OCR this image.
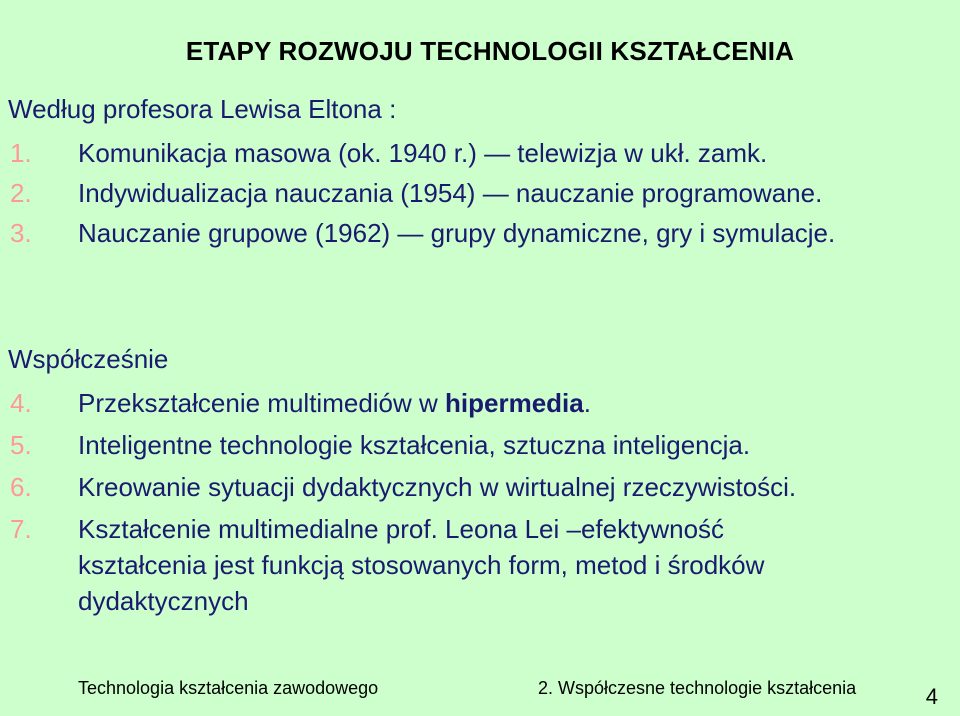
ETAPY ROZWOJU TECHNOLOGII KSZTAŁCENIA
Według profesora Lewisa Eltona :
1. Komunikacja masowa (ok. 1940 r.) — telewizja w ukł. zamk.
2. Indywidualizacja nauczania (1954) — nauczanie programowane.
3. Nauczanie grupowe (1962) — grupy dynamiczne, gry i symulacje.
Współcześnie
4. Przekształcenie multimediów w hipermedia.
5. Inteligentne technologie kształcenia, sztuczna inteligencja.
6. Kreowanie sytuacji dydaktycznych w wirtualnej rzeczywistości.
7. Kształcenie multimedialne prof. Leona Lei –efektywność
kształcenia jest funkcją stosowanych form, metod i środków
dydaktycznych
Technologia kształcenia zawodowego	2. Współczesne technologie kształcenia	4
